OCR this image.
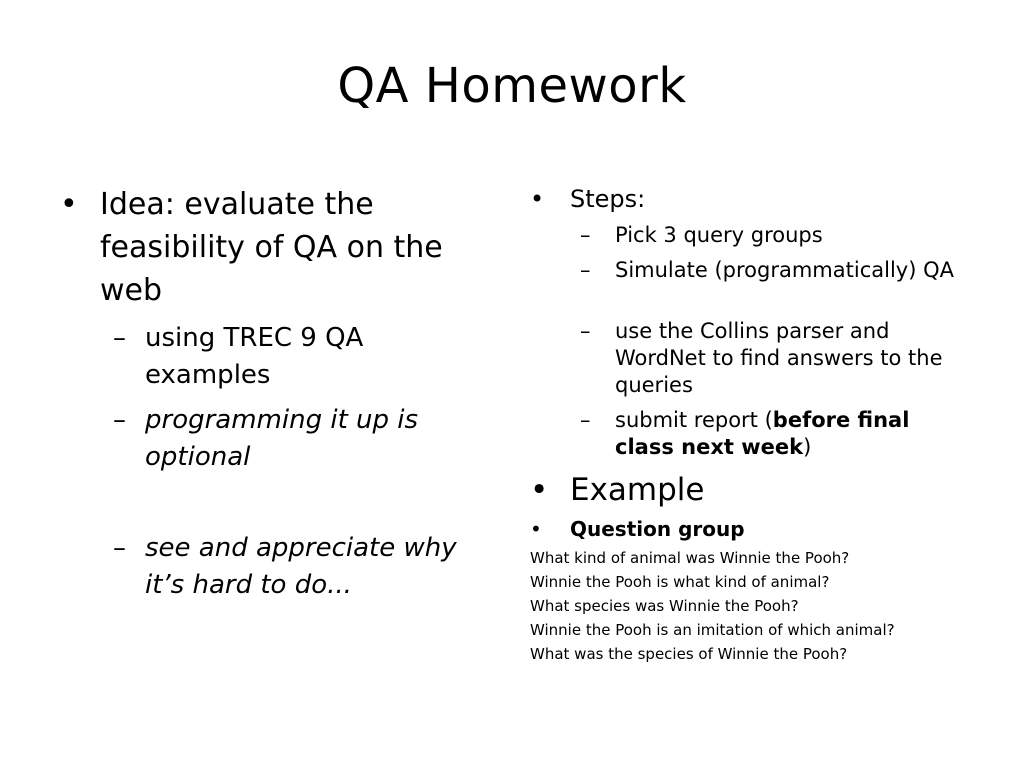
QA Homework
• Idea: evaluate the feasibility of QA on the web
– using TREC 9 QA examples
– programming it up is optional
– see and appreciate why it’s hard to do...
•	Steps:
–	Pick 3 query groups
–	Simulate (programmatically) QA
–	use the Collins parser and WordNet to find answers to the queries
–	submit report (before final class next week)
• Example
•	Question group
What kind of animal was Winnie the Pooh?
Winnie the Pooh is what kind of animal?
What species was Winnie the Pooh?
Winnie the Pooh is an imitation of which animal?
What was the species of Winnie the Pooh?
